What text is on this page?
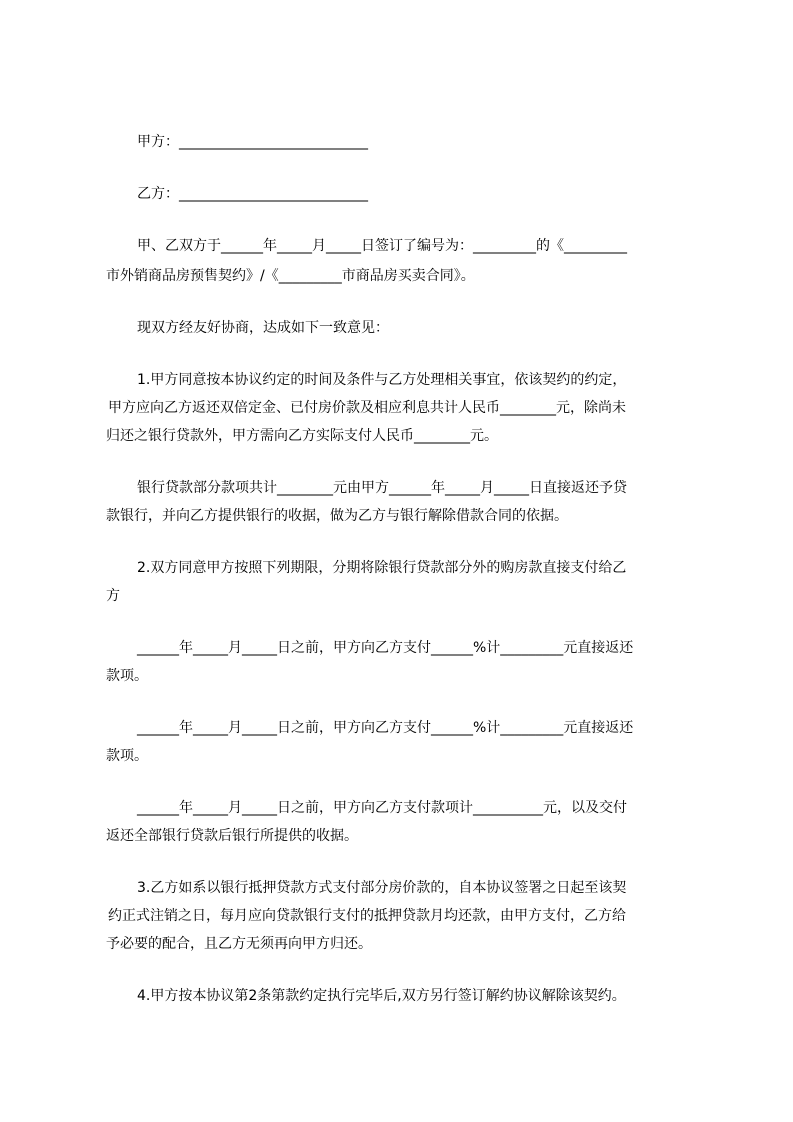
甲方：___________________________
乙方：___________________________
甲、乙双方于______年_____月_____日签订了编号为：_________的《_________
市外销商品房预售契约》/《_________市商品房买卖合同》。
现双方经友好协商，达成如下一致意见：
1.甲方同意按本协议约定的时间及条件与乙方处理相关事宜，依该契约的约定，
甲方应向乙方返还双倍定金、已付房价款及相应利息共计人民币________元，除尚未
归还之银行贷款外，甲方需向乙方实际支付人民币________元。
银行贷款部分款项共计________元由甲方______年_____月_____日直接返还予贷
款银行，并向乙方提供银行的收据，做为乙方与银行解除借款合同的依据。
2.双方同意甲方按照下列期限，分期将除银行贷款部分外的购房款直接支付给乙
方
______年_____月_____日之前，甲方向乙方支付______%计_________元直接返还
款项。
______年_____月_____日之前，甲方向乙方支付______%计_________元直接返还
款项。
______年_____月_____日之前，甲方向乙方支付款项计__________元，以及交付
返还全部银行贷款后银行所提供的收据。
3.乙方如系以银行抵押贷款方式支付部分房价款的，自本协议签署之日起至该契
约正式注销之日，每月应向贷款银行支付的抵押贷款月均还款，由甲方支付，乙方给
予必要的配合，且乙方无须再向甲方归还。
4.甲方按本协议第2条第款约定执行完毕后,双方另行签订解约协议解除该契约。
